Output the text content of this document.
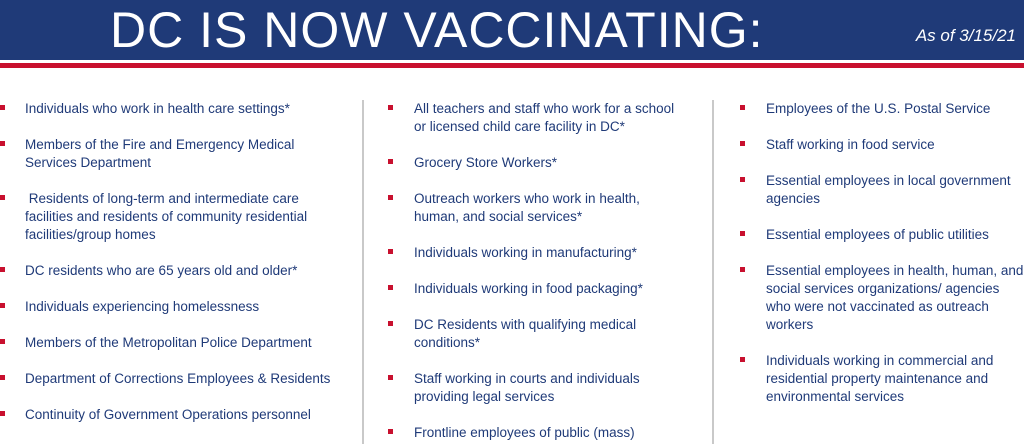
DC IS NOW VACCINATING:	As of 3/15/21
Individuals who work in health care settings*
Members of the Fire and Emergency Medical Services Department
Residents of long-term and intermediate care facilities and residents of community residential facilities/group homes
DC residents who are 65 years old and older*
Individuals experiencing homelessness
Members of the Metropolitan Police Department
Department of Corrections Employees & Residents
Continuity of Government Operations personnel
All teachers and staff who work for a school or licensed child care facility in DC*
Grocery Store Workers*
Outreach workers who work in health, human, and social services*
Individuals working in manufacturing*
Individuals working in food packaging*
DC Residents with qualifying medical conditions*
Staff working in courts and individuals providing legal services
Frontline employees of public (mass)
Employees of the U.S. Postal Service
Staff working in food service
Essential employees in local government agencies
Essential employees of public utilities
Essential employees in health, human, and social services organizations/ agencies who were not vaccinated as outreach workers
Individuals working in commercial and residential property maintenance and environmental services
